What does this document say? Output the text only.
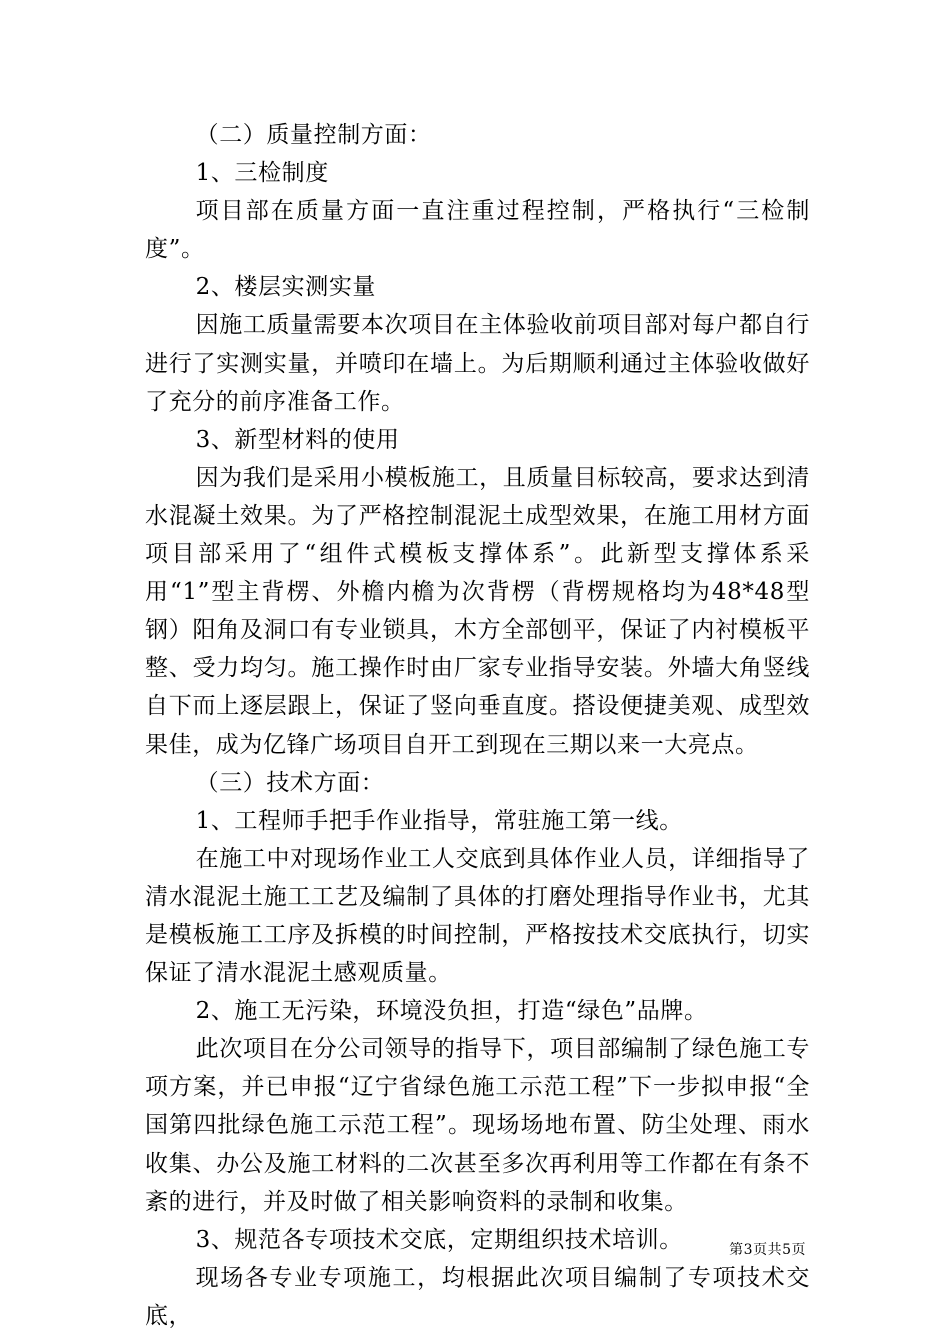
（二）质量控制方面：

1、三检制度

项目部在质量方面一直注重过程控制，严格执行“三检制度”。

2、楼层实测实量

因施工质量需要本次项目在主体验收前项目部对每户都自行进行了实测实量，并喷印在墙上。为后期顺利通过主体验收做好了充分的前序准备工作。

3、新型材料的使用

因为我们是采用小模板施工，且质量目标较高，要求达到清水混凝土效果。为了严格控制混泥土成型效果，在施工用材方面项目部采用了“组件式模板支撑体系”。此新型支撑体系采用“1”型主背楞、外檐内檐为次背楞（背楞规格均为48*48型钢）阳角及洞口有专业锁具，木方全部刨平，保证了内衬模板平整、受力均匀。施工操作时由厂家专业指导安装。外墙大角竖线自下而上逐层跟上，保证了竖向垂直度。搭设便捷美观、成型效果佳，成为亿锋广场项目自开工到现在三期以来一大亮点。

（三）技术方面：

1、工程师手把手作业指导，常驻施工第一线。

在施工中对现场作业工人交底到具体作业人员，详细指导了清水混泥土施工工艺及编制了具体的打磨处理指导作业书，尤其是模板施工工序及拆模的时间控制，严格按技术交底执行，切实保证了清水混泥土感观质量。

2、施工无污染，环境没负担，打造“绿色”品牌。

此次项目在分公司领导的指导下，项目部编制了绿色施工专项方案，并已申报“辽宁省绿色施工示范工程”下一步拟申报“全国第四批绿色施工示范工程”。现场场地布置、防尘处理、雨水收集、办公及施工材料的二次甚至多次再利用等工作都在有条不紊的进行，并及时做了相关影响资料的录制和收集。

3、规范各专项技术交底，定期组织技术培训。

现场各专业专项施工，均根据此次项目编制了专项技术交底，

第3页共5页
